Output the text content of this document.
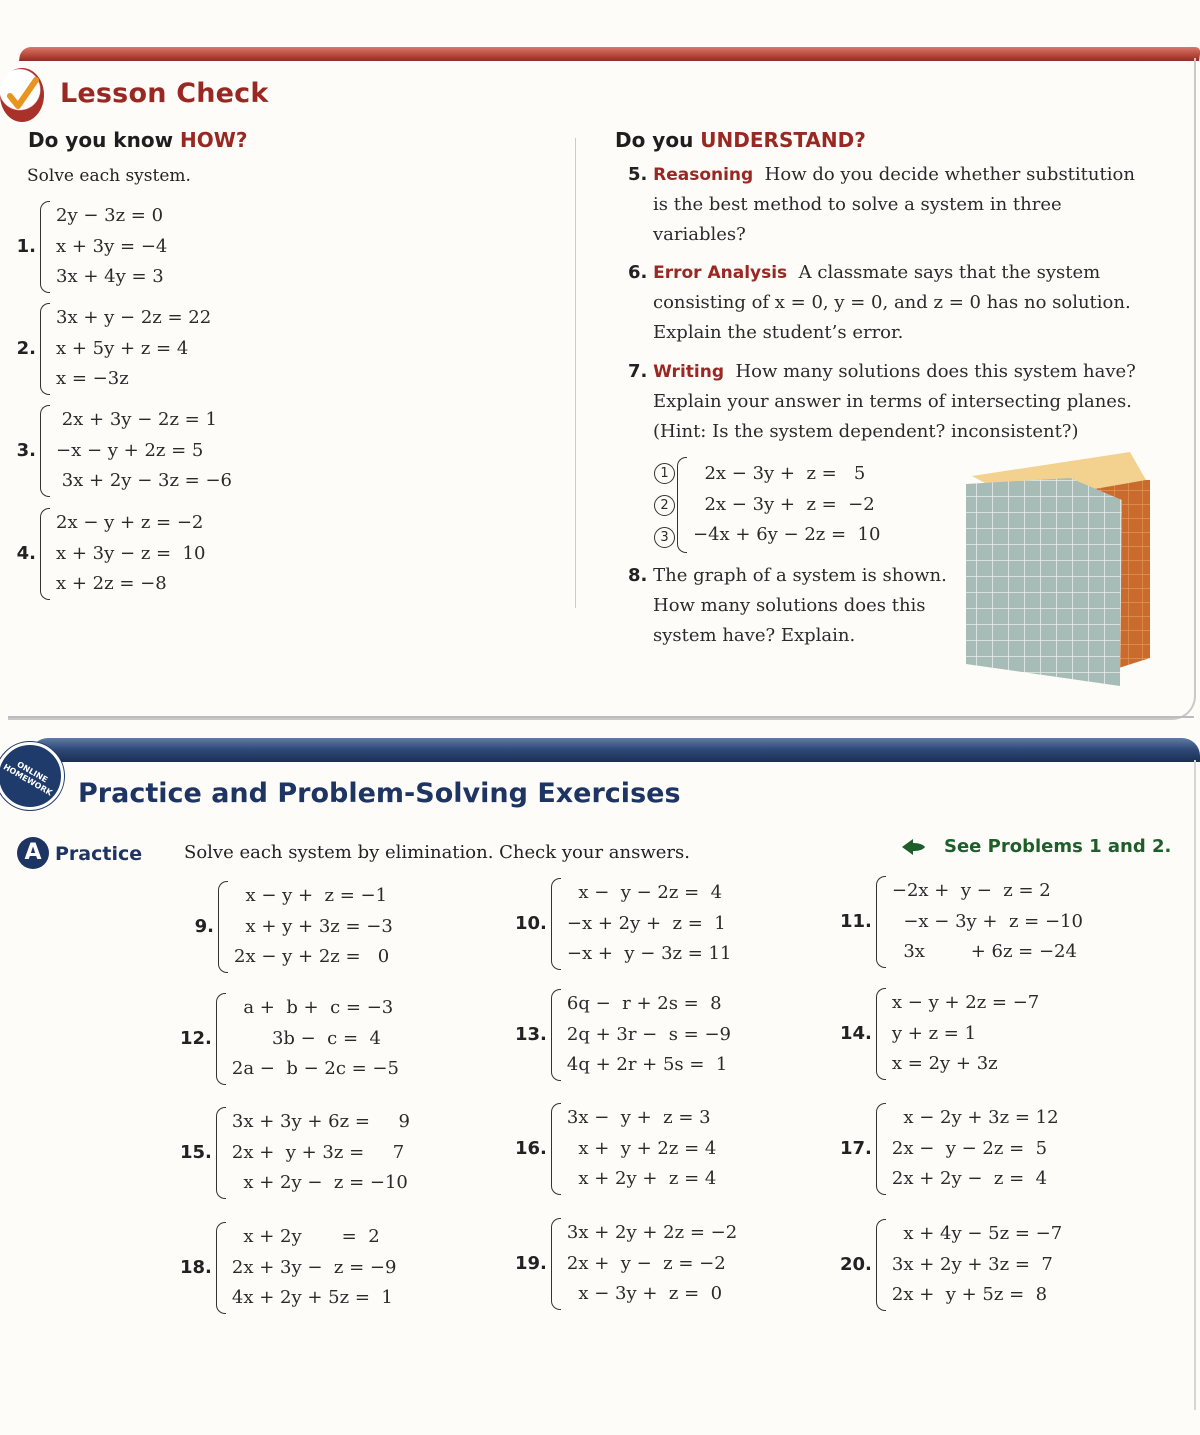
Lesson Check
Do you know HOW?
Solve each system.
1.
2y − 3z = 0
x + 3y = −4
3x + 4y = 3
2.
3x + y − 2z = 22
x + 5y + z = 4
x = −3z
3.
2x + 3y − 2z = 1
−x − y + 2z = 5
3x + 2y − 3z = −6
4.
2x − y + z = −2
x + 3y − z =  10
x + 2z = −8
Do you UNDERSTAND?
5. Reasoning How do you decide whether substitution
is the best method to solve a system in three
variables?
6. Error Analysis A classmate says that the system
consisting of x = 0, y = 0, and z = 0 has no solution.
Explain the student’s error.
7. Writing How many solutions does this system have?
Explain your answer in terms of intersecting planes.
(Hint: Is the system dependent? inconsistent?)
1
2
3
2x − 3y +  z =   5
2x − 3y +  z =  −2
−4x + 6y − 2z =  10
8. The graph of a system is shown.
How many solutions does this
system have? Explain.
ONLINE HOMEWORK Practice and Problem-Solving Exercises
A Practice Solve each system by elimination. Check your answers.	See Problems 1 and 2.
9.
x − y +  z = −1
x + y + 3z = −3
2x − y + 2z =   0
10.
x −  y − 2z =  4
−x + 2y +  z =  1
−x +  y − 3z = 11
11.
−2x +  y −  z = 2
−x − 3y +  z = −10
3x        + 6z = −24
12.
a +  b +  c = −3
3b −  c =  4
2a −  b − 2c = −5
13.
6q −  r + 2s =  8
2q + 3r −  s = −9
4q + 2r + 5s =  1
14.
x − y + 2z = −7
y + z = 1
x = 2y + 3z
15.
3x + 3y + 6z =     9
2x +  y + 3z =     7
x + 2y −  z = −10
16.
3x −  y +  z = 3
x +  y + 2z = 4
x + 2y +  z = 4
17.
x − 2y + 3z = 12
2x −  y − 2z =  5
2x + 2y −  z =  4
18.
x + 2y       =  2
2x + 3y −  z = −9
4x + 2y + 5z =  1
19.
3x + 2y + 2z = −2
2x +  y −  z = −2
x − 3y +  z =  0
20.
x + 4y − 5z = −7
3x + 2y + 3z =  7
2x +  y + 5z =  8
